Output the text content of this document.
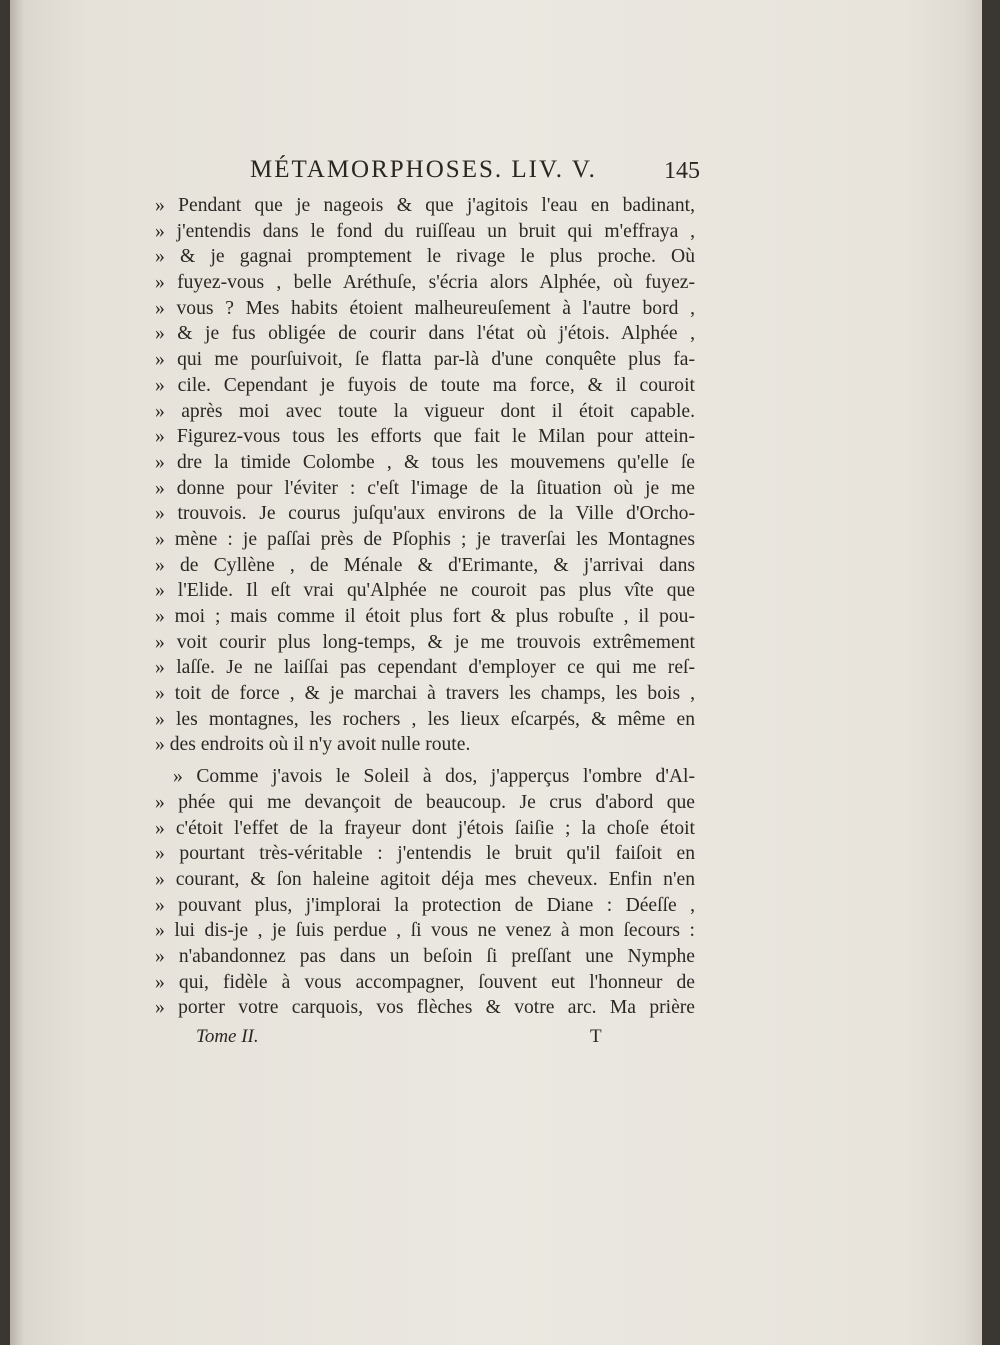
MÉTAMORPHOSES. LIV. V.	145
» Pendant que je nageois & que j'agitois l'eau en badinant,
» j'entendis dans le fond du ruiſſeau un bruit qui m'effraya ,
» & je gagnai promptement le rivage le plus proche. Où
» fuyez-vous , belle Aréthuſe, s'écria alors Alphée, où fuyez-
» vous ? Mes habits étoient malheureuſement à l'autre bord ,
» & je fus obligée de courir dans l'état où j'étois. Alphée ,
» qui me pourſuivoit, ſe flatta par-là d'une conquête plus fa-
» cile. Cependant je fuyois de toute ma force, & il couroit
» après moi avec toute la vigueur dont il étoit capable.
» Figurez-vous tous les efforts que fait le Milan pour attein-
» dre la timide Colombe , & tous les mouvemens qu'elle ſe
» donne pour l'éviter : c'eſt l'image de la ſituation où je me
» trouvois. Je courus juſqu'aux environs de la Ville d'Orcho-
» mène : je paſſai près de Pſophis ; je traverſai les Montagnes
» de Cyllène , de Ménale & d'Erimante, & j'arrivai dans
» l'Elide. Il eſt vrai qu'Alphée ne couroit pas plus vîte que
» moi ; mais comme il étoit plus fort & plus robuſte , il pou-
» voit courir plus long-temps, & je me trouvois extrêmement
» laſſe. Je ne laiſſai pas cependant d'employer ce qui me reſ-
» toit de force , & je marchai à travers les champs, les bois ,
» les montagnes, les rochers , les lieux eſcarpés, & même en
» des endroits où il n'y avoit nulle route.
» Comme j'avois le Soleil à dos, j'apperçus l'ombre d'Al-
» phée qui me devançoit de beaucoup. Je crus d'abord que
» c'étoit l'effet de la frayeur dont j'étois ſaiſie ; la choſe étoit
» pourtant très-véritable : j'entendis le bruit qu'il faiſoit en
» courant, & ſon haleine agitoit déja mes cheveux. Enfin n'en
» pouvant plus, j'implorai la protection de Diane : Déeſſe ,
» lui dis-je , je ſuis perdue , ſi vous ne venez à mon ſecours :
» n'abandonnez pas dans un beſoin ſi preſſant une Nymphe
» qui, fidèle à vous accompagner, ſouvent eut l'honneur de
» porter votre carquois, vos flèches & votre arc. Ma prière
Tome II.	T
